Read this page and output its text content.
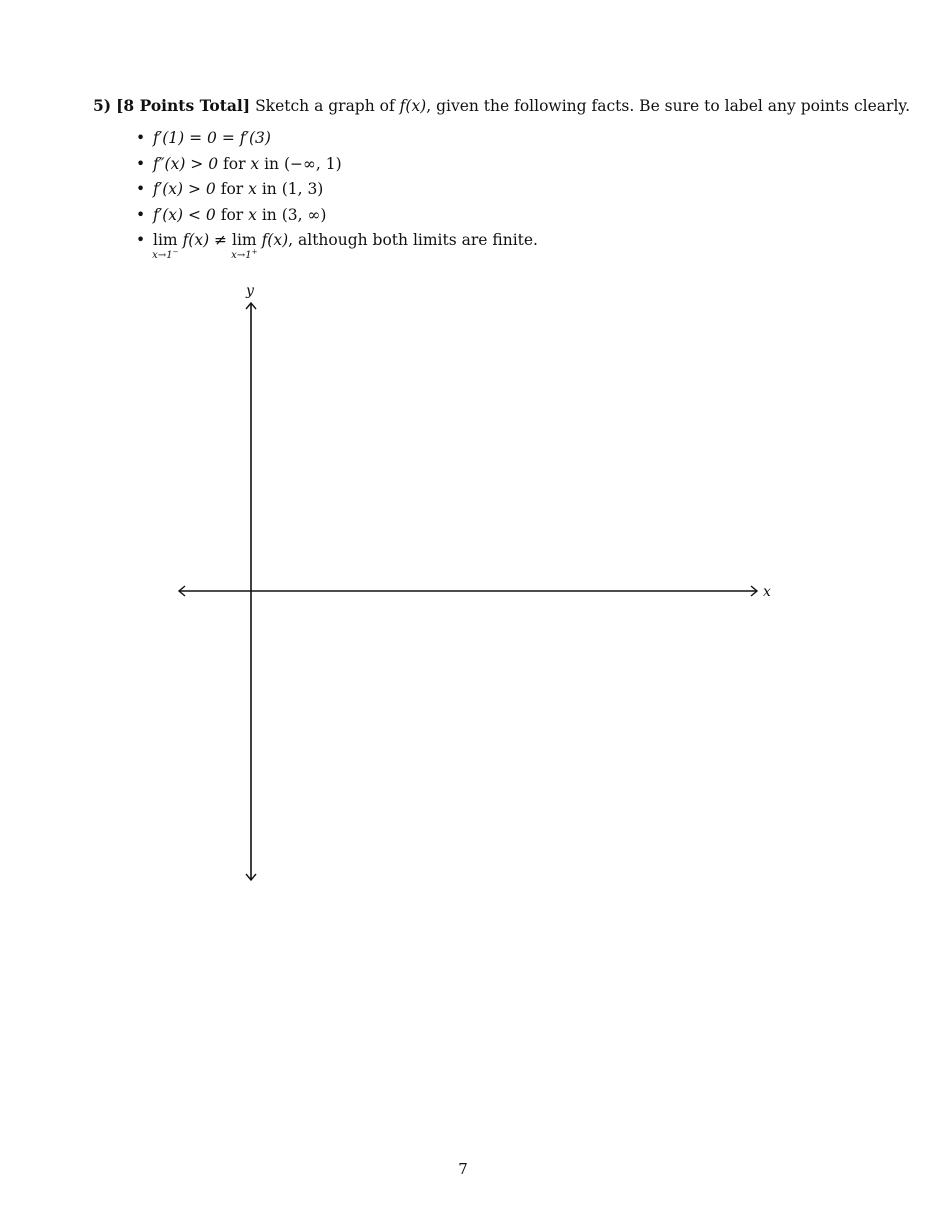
5) [8 Points Total] Sketch a graph of f(x), given the following facts. Be sure to label any points clearly.
• f′(1) = 0 = f′(3)
• f″(x) > 0 for x in (−∞, 1)
• f′(x) > 0 for x in (1, 3)
• f′(x) < 0 for x in (3, ∞)
• lim
x→1−
f(x) ≠ lim
x→1+
f(x), although both limits are finite.
x
y
7
